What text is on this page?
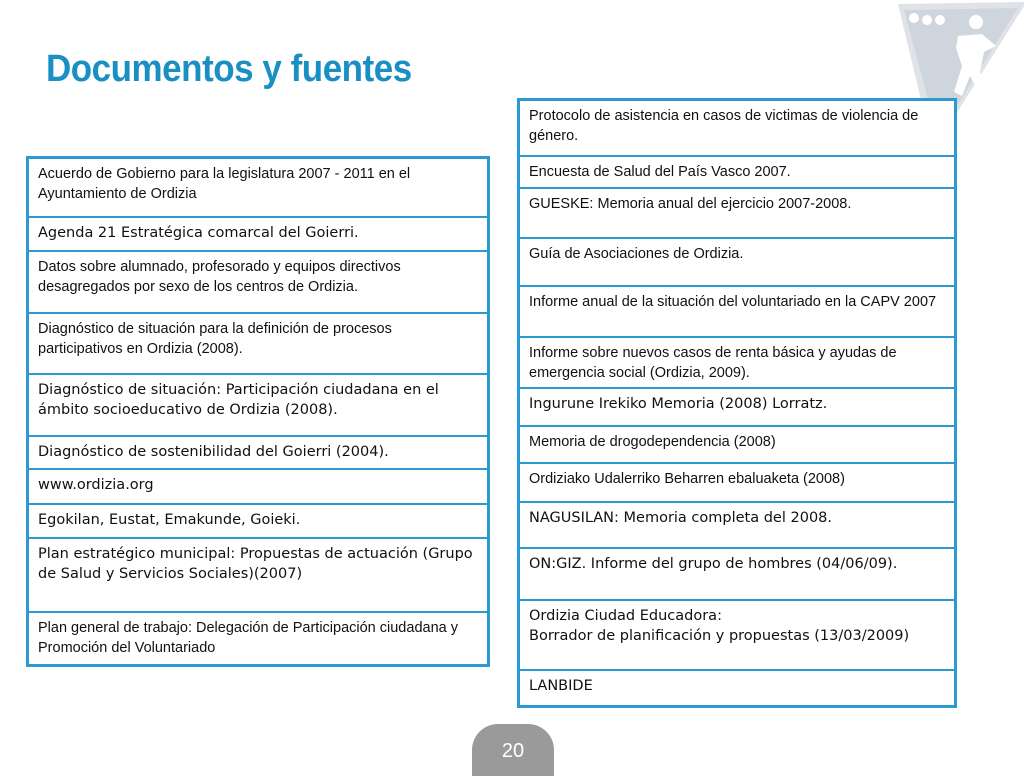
Documentos y fuentes
Acuerdo de Gobierno para la legislatura 2007 - 2011 en el Ayuntamiento de Ordizia
Agenda 21 Estratégica comarcal del Goierri.
Datos sobre alumnado, profesorado y equipos directivos desagregados por sexo de los centros de Ordizia.
Diagnóstico de situación para la definición de procesos participativos en Ordizia (2008).
Diagnóstico de situación: Participación ciudadana en el ámbito socioeducativo de Ordizia (2008).
Diagnóstico de sostenibilidad del Goierri (2004).
www.ordizia.org
Egokilan, Eustat, Emakunde, Goieki.
Plan estratégico municipal: Propuestas de actuación (Grupo de Salud y Servicios Sociales)(2007)
Plan general de trabajo: Delegación de Participación ciudadana y Promoción del Voluntariado
Protocolo de asistencia en casos de victimas de violencia de género.
Encuesta de Salud del País Vasco 2007.
GUESKE: Memoria anual del ejercicio 2007-2008.
Guía de Asociaciones de Ordizia.
Informe anual de la situación del voluntariado en la CAPV 2007
Informe sobre nuevos casos de renta básica y ayudas de emergencia social (Ordizia, 2009).
Ingurune Irekiko Memoria (2008) Lorratz.
Memoria de drogodependencia (2008)
Ordiziako Udalerriko Beharren ebaluaketa (2008)
NAGUSILAN: Memoria completa del 2008.
ON:GIZ. Informe del grupo de hombres (04/06/09).
Ordizia Ciudad Educadora:
Borrador de planificación y propuestas (13/03/2009)
LANBIDE
20
